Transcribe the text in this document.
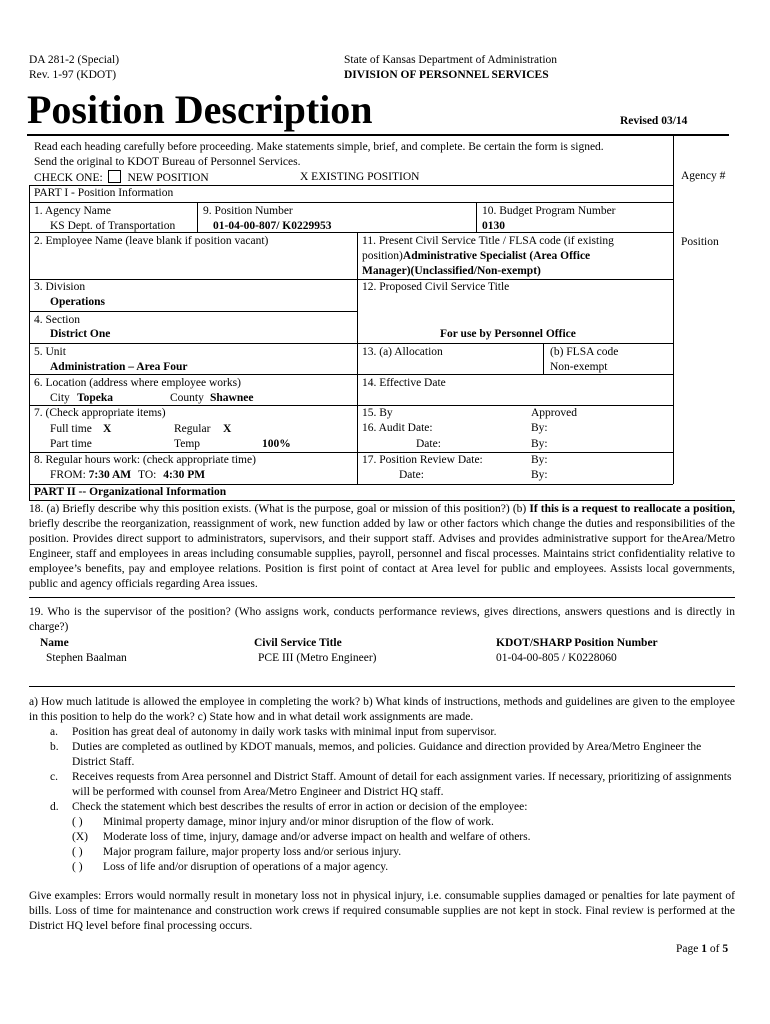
DA 281-2 (Special)
Rev. 1-97 (KDOT)
State of Kansas Department of Administration
DIVISION OF PERSONNEL SERVICES
Position Description	Revised 03/14
Read each heading carefully before proceeding. Make statements simple, brief, and complete. Be certain the form is signed.
Send the original to KDOT Bureau of Personnel Services.
CHECK ONE: NEW POSITION	X EXISTING POSITION	Agency #
Position
PART I - Position Information
1. Agency Name
KS Dept. of Transportation
9. Position Number
01-04-00-807/ K0229953
10. Budget Program Number
0130
2. Employee Name (leave blank if position vacant)	11. Present Civil Service Title / FLSA code (if existing
position)Administrative Specialist (Area Office
Manager)(Unclassified/Non-exempt)
3. Division
Operations
12. Proposed Civil Service Title
4. Section
District One	For use by Personnel Office
5. Unit
Administration – Area Four
13. (a) Allocation	(b) FLSA code
Non-exempt
6. Location (address where employee works)
City Topeka	County Shawnee
14. Effective Date
7. (Check appropriate items)
Full time X	Regular X
Part time	Temp	100%
15. By	Approved
16. Audit Date:	By:
Date:	By:
8. Regular hours work: (check appropriate time)
FROM: 7:30 AM TO: 4:30 PM
17. Position Review Date:	By:
Date:	By:
PART II -- Organizational Information
18. (a) Briefly describe why this position exists. (What is the purpose, goal or mission of this position?) (b) If this is a request to reallocate a position, briefly describe the reorganization, reassignment of work, new function added by law or other factors which change the duties and responsibilities of the position. Provides direct support to administrators, supervisors, and their support staff. Advises and provides administrative support for theArea/Metro Engineer, staff and employees in areas including consumable supplies, payroll, personnel and fiscal processes. Maintains strict confidentiality relative to employee’s benefits, pay and employee relations. Position is first point of contact at Area level for public and employees. Assists local governments, public and agency officials regarding Area issues.
19. Who is the supervisor of the position? (Who assigns work, conducts performance reviews, gives directions, answers questions and is directly in charge?)
Name	Civil Service Title	KDOT/SHARP Position Number
Stephen Baalman	PCE III (Metro Engineer)	01-04-00-805 / K0228060
a) How much latitude is allowed the employee in completing the work? b) What kinds of instructions, methods and guidelines are given to the employee in this position to help do the work? c) State how and in what detail work assignments are made.
a. Position has great deal of autonomy in daily work tasks with minimal input from supervisor.
b. Duties are completed as outlined by KDOT manuals, memos, and policies. Guidance and direction provided by Area/Metro Engineer the District Staff.
c. Receives requests from Area personnel and District Staff. Amount of detail for each assignment varies. If necessary, prioritizing of assignments will be performed with counsel from Area/Metro Engineer and District HQ staff.
d. Check the statement which best describes the results of error in action or decision of the employee:
( ) Minimal property damage, minor injury and/or minor disruption of the flow of work.
(X) Moderate loss of time, injury, damage and/or adverse impact on health and welfare of others.
( ) Major program failure, major property loss and/or serious injury.
( ) Loss of life and/or disruption of operations of a major agency.
Give examples: Errors would normally result in monetary loss not in physical injury, i.e. consumable supplies damaged or penalties for late payment of bills. Loss of time for maintenance and construction work crews if required consumable supplies are not kept in stock. Final review is performed at the District HQ level before final processing occurs.
Page 1 of 5
